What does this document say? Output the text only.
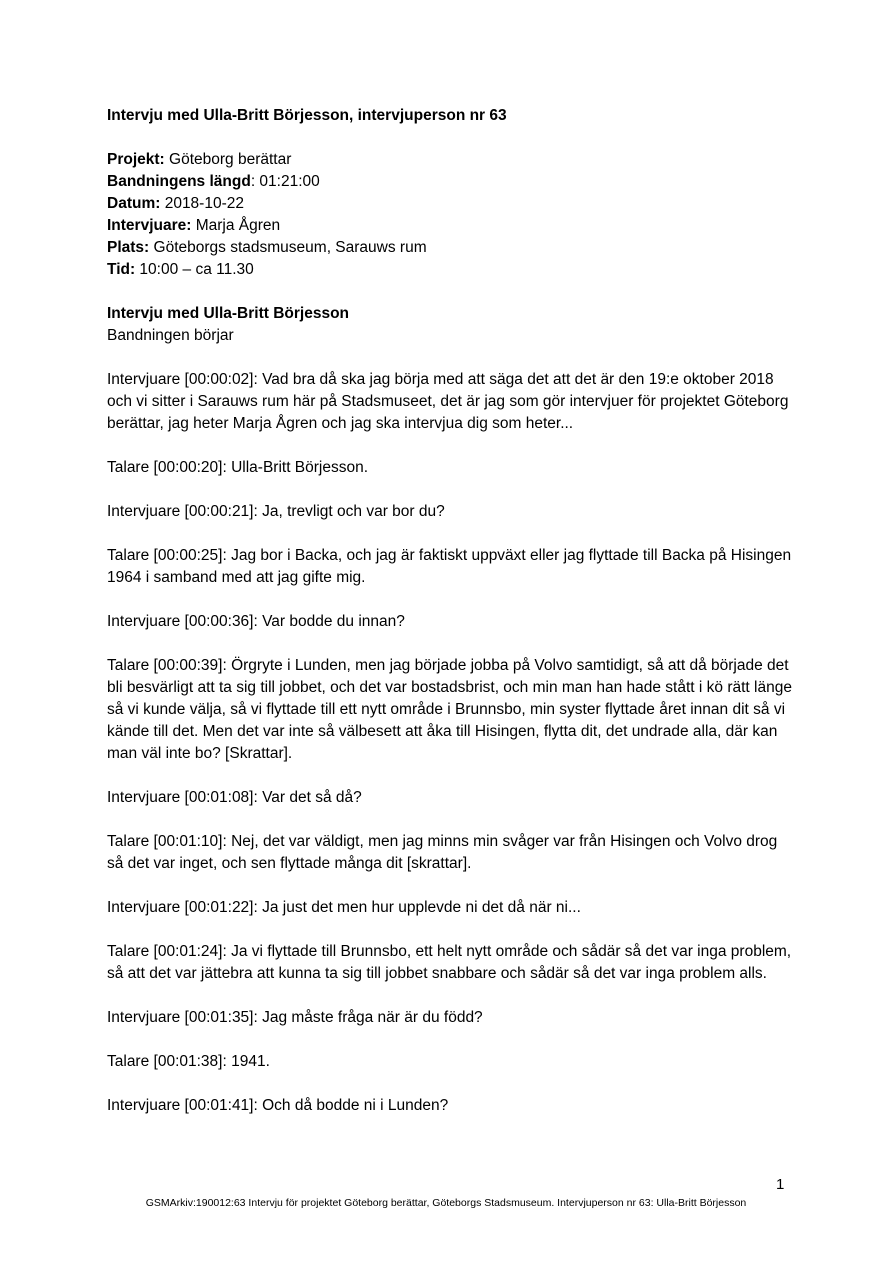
Intervju med Ulla-Britt Börjesson, intervjuperson nr 63

Projekt: Göteborg berättar

Bandningens längd: 01:21:00

Datum: 2018-10-22

Intervjuare: Marja Ågren

Plats: Göteborgs stadsmuseum, Sarauws rum

Tid: 10:00 – ca 11.30

Intervju med Ulla-Britt Börjesson

Bandningen börjar

Intervjuare [00:00:02]: Vad bra då ska jag börja med att säga det att det är den 19:e oktober 2018 och vi sitter i Sarauws rum här på Stadsmuseet, det är jag som gör intervjuer för projektet Göteborg berättar, jag heter Marja Ågren och jag ska intervjua dig som heter...

Talare [00:00:20]: Ulla-Britt Börjesson.

Intervjuare [00:00:21]: Ja, trevligt och var bor du?

Talare [00:00:25]: Jag bor i Backa, och jag är faktiskt uppväxt eller jag flyttade till Backa på Hisingen 1964 i samband med att jag gifte mig.

Intervjuare [00:00:36]: Var bodde du innan?

Talare [00:00:39]: Örgryte i Lunden, men jag började jobba på Volvo samtidigt, så att då började det bli besvärligt att ta sig till jobbet, och det var bostadsbrist, och min man han hade stått i kö rätt länge så vi kunde välja, så vi flyttade till ett nytt område i Brunnsbo, min syster flyttade året innan dit så vi kände till det. Men det var inte så välbesett att åka till Hisingen, flytta dit, det undrade alla, där kan man väl inte bo? [Skrattar].

Intervjuare [00:01:08]: Var det så då?

Talare [00:01:10]: Nej, det var väldigt, men jag minns min svåger var från Hisingen och Volvo drog så det var inget, och sen flyttade många dit [skrattar].

Intervjuare [00:01:22]: Ja just det men hur upplevde ni det då när ni...

Talare [00:01:24]: Ja vi flyttade till Brunnsbo, ett helt nytt område och sådär så det var inga problem, så att det var jättebra att kunna ta sig till jobbet snabbare och sådär så det var inga problem alls.

Intervjuare [00:01:35]: Jag måste fråga när är du född?

Talare [00:01:38]: 1941.

Intervjuare [00:01:41]: Och då bodde ni i Lunden?

1
GSMArkiv:190012:63 Intervju för projektet Göteborg berättar, Göteborgs Stadsmuseum. Intervjuperson nr 63: Ulla-Britt Börjesson
